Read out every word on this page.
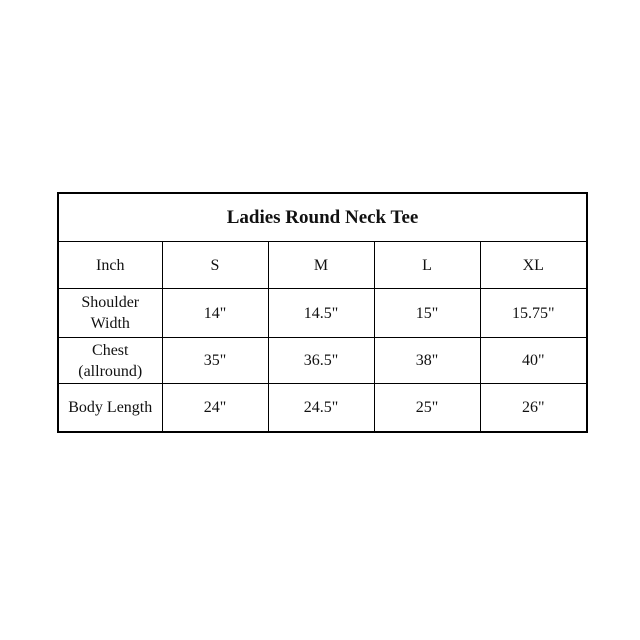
Ladies Round Neck Tee				
Inch	S	M	L	XL

Shoulder
Width	14"	14.5"	15"	15.75"

Chest
(allround)	35"	36.5"	38"	40"

Body Length	24"	24.5"	25"	26"
